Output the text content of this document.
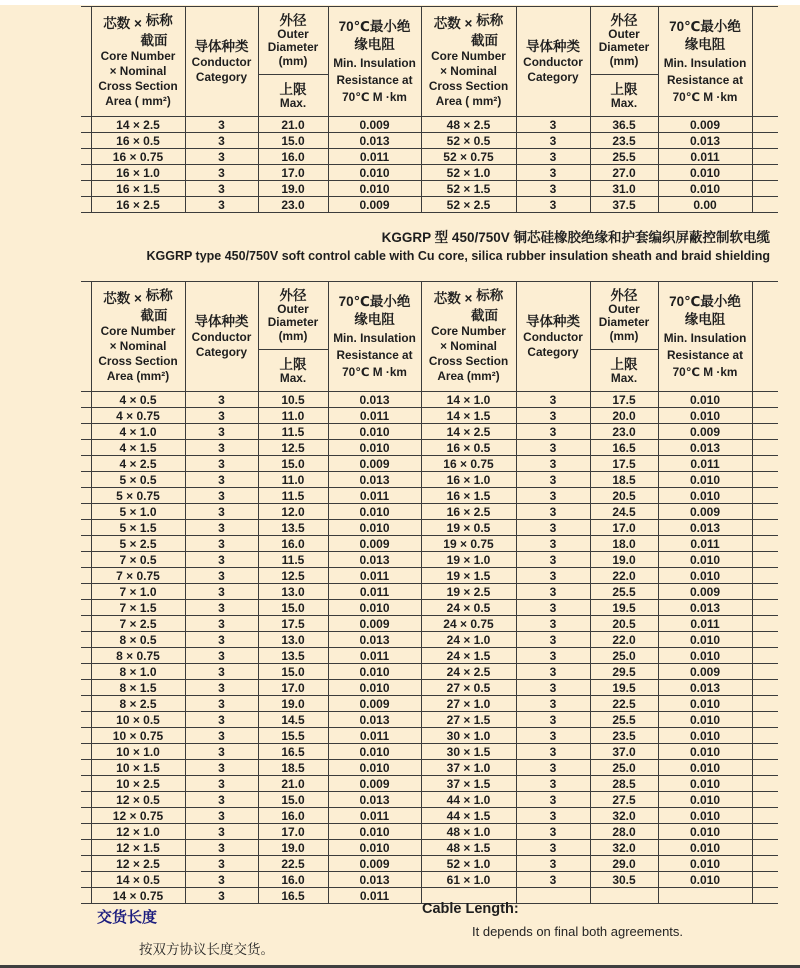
芯数 × 标称
截面
Core Number
× Nominal
Cross Section
Area ( mm²)

导体种类
Conductor
Category

外径
Outer
Diameter
(mm)

70℃最小绝
缘电阻
Min. Insulation
Resistance at
70℃ M ·km

芯数 × 标称
截面
Core Number
× Nominal
Cross Section
Area ( mm²)

导体种类
Conductor
Category

外径
Outer
Diameter
(mm)

70℃最小绝
缘电阻
Min. Insulation
Resistance at
70℃ M ·km

上限
Max.

上限
Max.

	14 × 2.5	3	21.0	0.009	48 × 2.5	3	36.5	0.009	
	16 × 0.5	3	15.0	0.013	52 × 0.5	3	23.5	0.013	
	16 × 0.75	3	16.0	0.011	52 × 0.75	3	25.5	0.011	
	16 × 1.0	3	17.0	0.010	52 × 1.0	3	27.0	0.010	
	16 × 1.5	3	19.0	0.010	52 × 1.5	3	31.0	0.010	
	16 × 2.5	3	23.0	0.009	52 × 2.5	3	37.5	0.00	
KGGRP 型 450/750V 铜芯硅橡胶绝缘和护套编织屏蔽控制软电缆
KGGRP type 450/750V soft control cable with Cu core, silica rubber insulation sheath and braid shielding

芯数 × 标称
截面
Core Number
× Nominal
Cross Section
Area (mm²)

导体种类
Conductor
Category

外径
Outer
Diameter
(mm)

70℃最小绝
缘电阻
Min. Insulation
Resistance at
70℃ M ·km

芯数 × 标称
截面
Core Number
× Nominal
Cross Section
Area (mm²)

导体种类
Conductor
Category

外径
Outer
Diameter
(mm)

70℃最小绝
缘电阻
Min. Insulation
Resistance at
70℃ M ·km

上限
Max.

上限
Max.

	4 × 0.5	3	10.5	0.013	14 × 1.0	3	17.5	0.010	
	4 × 0.75	3	11.0	0.011	14 × 1.5	3	20.0	0.010	
	4 × 1.0	3	11.5	0.010	14 × 2.5	3	23.0	0.009	
	4 × 1.5	3	12.5	0.010	16 × 0.5	3	16.5	0.013	
	4 × 2.5	3	15.0	0.009	16 × 0.75	3	17.5	0.011	
	5 × 0.5	3	11.0	0.013	16 × 1.0	3	18.5	0.010	
	5 × 0.75	3	11.5	0.011	16 × 1.5	3	20.5	0.010	
	5 × 1.0	3	12.0	0.010	16 × 2.5	3	24.5	0.009	
	5 × 1.5	3	13.5	0.010	19 × 0.5	3	17.0	0.013	
	5 × 2.5	3	16.0	0.009	19 × 0.75	3	18.0	0.011	
	7 × 0.5	3	11.5	0.013	19 × 1.0	3	19.0	0.010	
	7 × 0.75	3	12.5	0.011	19 × 1.5	3	22.0	0.010	
	7 × 1.0	3	13.0	0.011	19 × 2.5	3	25.5	0.009	
	7 × 1.5	3	15.0	0.010	24 × 0.5	3	19.5	0.013	
	7 × 2.5	3	17.5	0.009	24 × 0.75	3	20.5	0.011	
	8 × 0.5	3	13.0	0.013	24 × 1.0	3	22.0	0.010	
	8 × 0.75	3	13.5	0.011	24 × 1.5	3	25.0	0.010	
	8 × 1.0	3	15.0	0.010	24 × 2.5	3	29.5	0.009	
	8 × 1.5	3	17.0	0.010	27 × 0.5	3	19.5	0.013	
	8 × 2.5	3	19.0	0.009	27 × 1.0	3	22.5	0.010	
	10 × 0.5	3	14.5	0.013	27 × 1.5	3	25.5	0.010	
	10 × 0.75	3	15.5	0.011	30 × 1.0	3	23.5	0.010	
	10 × 1.0	3	16.5	0.010	30 × 1.5	3	37.0	0.010	
	10 × 1.5	3	18.5	0.010	37 × 1.0	3	25.0	0.010	
	10 × 2.5	3	21.0	0.009	37 × 1.5	3	28.5	0.010	
	12 × 0.5	3	15.0	0.013	44 × 1.0	3	27.5	0.010	
	12 × 0.75	3	16.0	0.011	44 × 1.5	3	32.0	0.010	
	12 × 1.0	3	17.0	0.010	48 × 1.0	3	28.0	0.010	
	12 × 1.5	3	19.0	0.010	48 × 1.5	3	32.0	0.010	
	12 × 2.5	3	22.5	0.009	52 × 1.0	3	29.0	0.010	
	14 × 0.5	3	16.0	0.013	61 × 1.0	3	30.5	0.010	
	14 × 0.75	3	16.5	0.011					
交货长度	Cable Length:
It depends on final both agreements.
按双方协议长度交货。
